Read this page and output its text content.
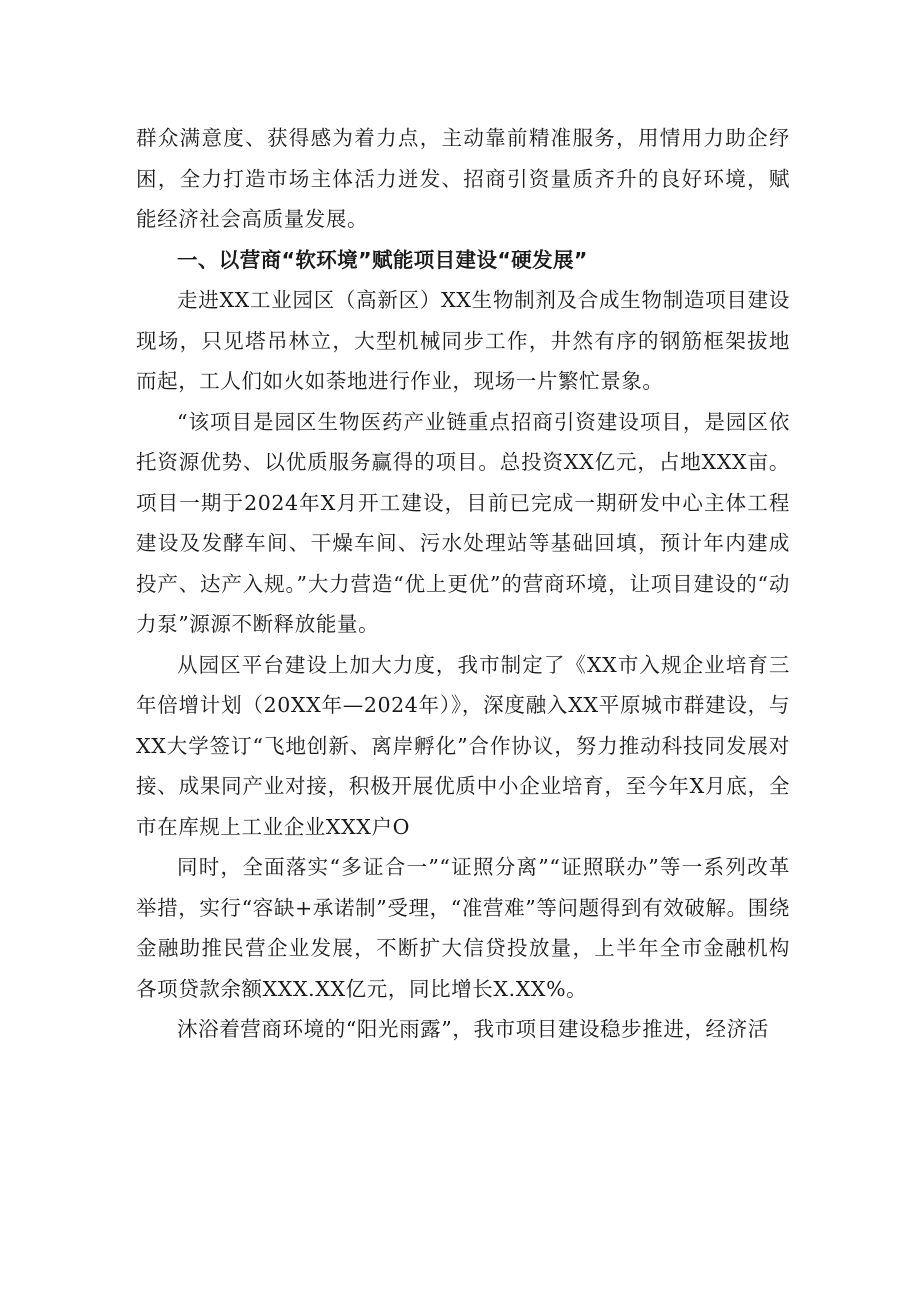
群众满意度、获得感为着力点，主动靠前精准服务，用情用力助企纾困，全力打造市场主体活力迸发、招商引资量质齐升的良好环境，赋能经济社会高质量发展。

一、以营商“软环境”赋能项目建设“硬发展”

走进XX工业园区（高新区）XX生物制剂及合成生物制造项目建设现场，只见塔吊林立，大型机械同步工作，井然有序的钢筋框架拔地而起，工人们如火如荼地进行作业，现场一片繁忙景象。

“该项目是园区生物医药产业链重点招商引资建设项目，是园区依托资源优势、以优质服务赢得的项目。总投资XX亿元，占地XXX亩。项目一期于2024年X月开工建设，目前已完成一期研发中心主体工程建设及发酵车间、干燥车间、污水处理站等基础回填，预计年内建成投产、达产入规。”大力营造“优上更优”的营商环境，让项目建设的“动力泵”源源不断释放能量。

从园区平台建设上加大力度，我市制定了《XX市入规企业培育三年倍增计划（20XX年—2024年）》，深度融入XX平原城市群建设，与XX大学签订“飞地创新、离岸孵化”合作协议，努力推动科技同发展对接、成果同产业对接，积极开展优质中小企业培育，至今年X月底，全市在库规上工业企业XXX户O

同时，全面落实“多证合一”“证照分离”“证照联办”等一系列改革举措，实行“容缺+承诺制”受理，“准营难”等问题得到有效破解。围绕金融助推民营企业发展，不断扩大信贷投放量，上半年全市金融机构各项贷款余额XXX.XX亿元，同比增长X.XX%。

沐浴着营商环境的“阳光雨露”，我市项目建设稳步推进，经济活
